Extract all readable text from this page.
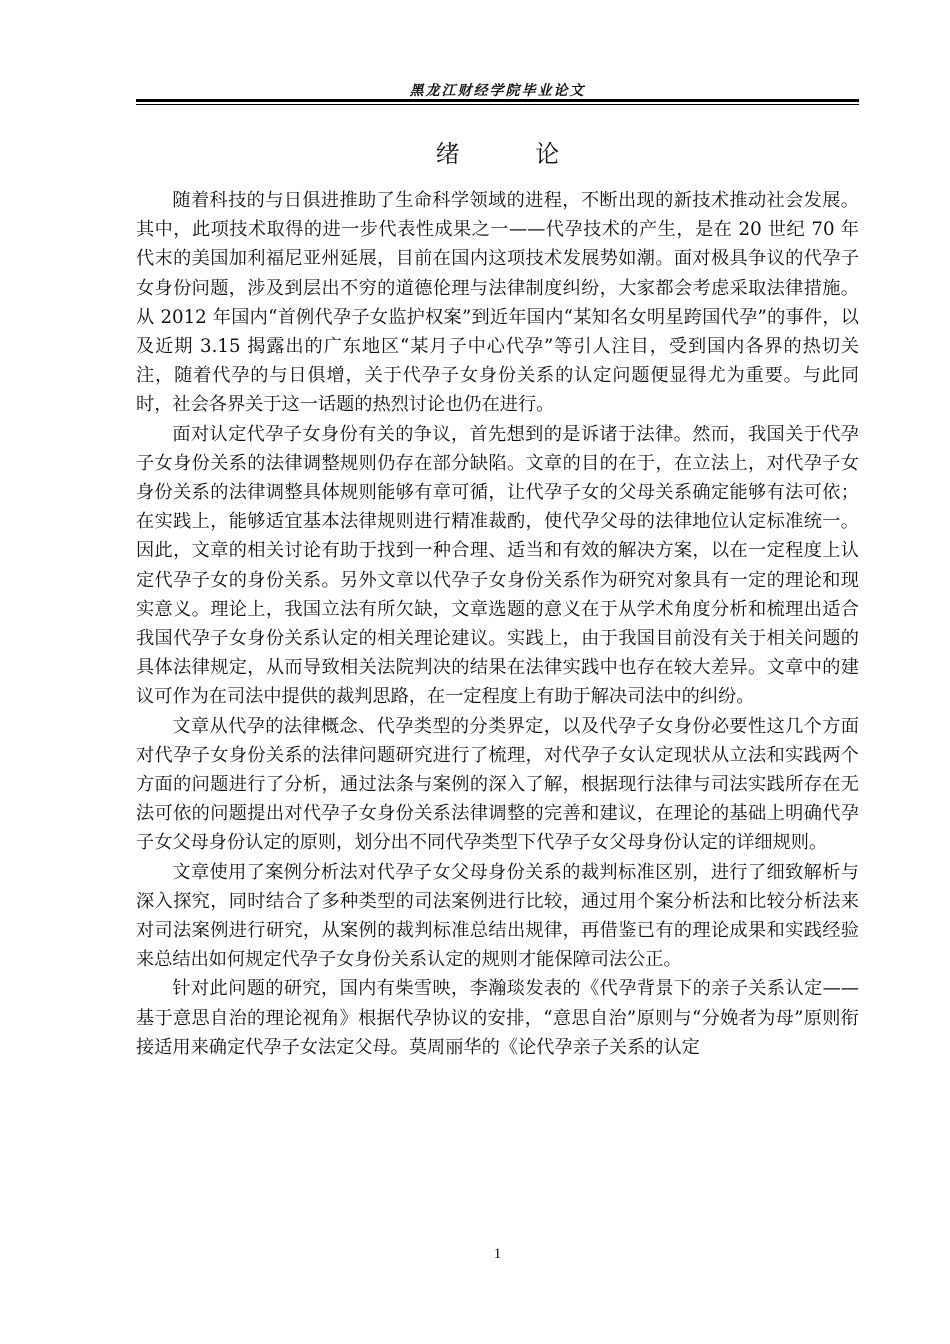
黑龙江财经学院毕业论文
绪 论

随着科技的与日俱进推助了生命科学领域的进程，不断出现的新技术推动社会发展。其中，此项技术取得的进一步代表性成果之一——代孕技术的产生，是在 20 世纪 70 年代末的美国加利福尼亚州延展，目前在国内这项技术发展势如潮。面对极具争议的代孕子女身份问题，涉及到层出不穷的道德伦理与法律制度纠纷，大家都会考虑采取法律措施。从 2012 年国内“首例代孕子女监护权案”到近年国内“某知名女明星跨国代孕”的事件，以及近期 3.15 揭露出的广东地区“某月子中心代孕”等引人注目，受到国内各界的热切关注，随着代孕的与日俱增，关于代孕子女身份关系的认定问题便显得尤为重要。与此同时，社会各界关于这一话题的热烈讨论也仍在进行。

面对认定代孕子女身份有关的争议，首先想到的是诉诸于法律。然而，我国关于代孕子女身份关系的法律调整规则仍存在部分缺陷。文章的目的在于，在立法上，对代孕子女身份关系的法律调整具体规则能够有章可循，让代孕子女的父母关系确定能够有法可依；在实践上，能够适宜基本法律规则进行精准裁酌，使代孕父母的法律地位认定标准统一。因此，文章的相关讨论有助于找到一种合理、适当和有效的解决方案，以在一定程度上认定代孕子女的身份关系。另外文章以代孕子女身份关系作为研究对象具有一定的理论和现实意义。理论上，我国立法有所欠缺，文章选题的意义在于从学术角度分析和梳理出适合我国代孕子女身份关系认定的相关理论建议。实践上，由于我国目前没有关于相关问题的具体法律规定，从而导致相关法院判决的结果在法律实践中也存在较大差异。文章中的建议可作为在司法中提供的裁判思路，在一定程度上有助于解决司法中的纠纷。

文章从代孕的法律概念、代孕类型的分类界定，以及代孕子女身份必要性这几个方面对代孕子女身份关系的法律问题研究进行了梳理，对代孕子女认定现状从立法和实践两个方面的问题进行了分析，通过法条与案例的深入了解，根据现行法律与司法实践所存在无法可依的问题提出对代孕子女身份关系法律调整的完善和建议，在理论的基础上明确代孕子女父母身份认定的原则，划分出不同代孕类型下代孕子女父母身份认定的详细规则。

文章使用了案例分析法对代孕子女父母身份关系的裁判标准区别，进行了细致解析与深入探究，同时结合了多种类型的司法案例进行比较，通过用个案分析法和比较分析法来对司法案例进行研究，从案例的裁判标准总结出规律，再借鉴已有的理论成果和实践经验来总结出如何规定代孕子女身份关系认定的规则才能保障司法公正。

针对此问题的研究，国内有柴雪映，李瀚琰发表的《代孕背景下的亲子关系认定——基于意思自治的理论视角》根据代孕协议的安排，“意思自治”原则与“分娩者为母”原则衔接适用来确定代孕子女法定父母。莫周丽华的《论代孕亲子关系的认定

1
